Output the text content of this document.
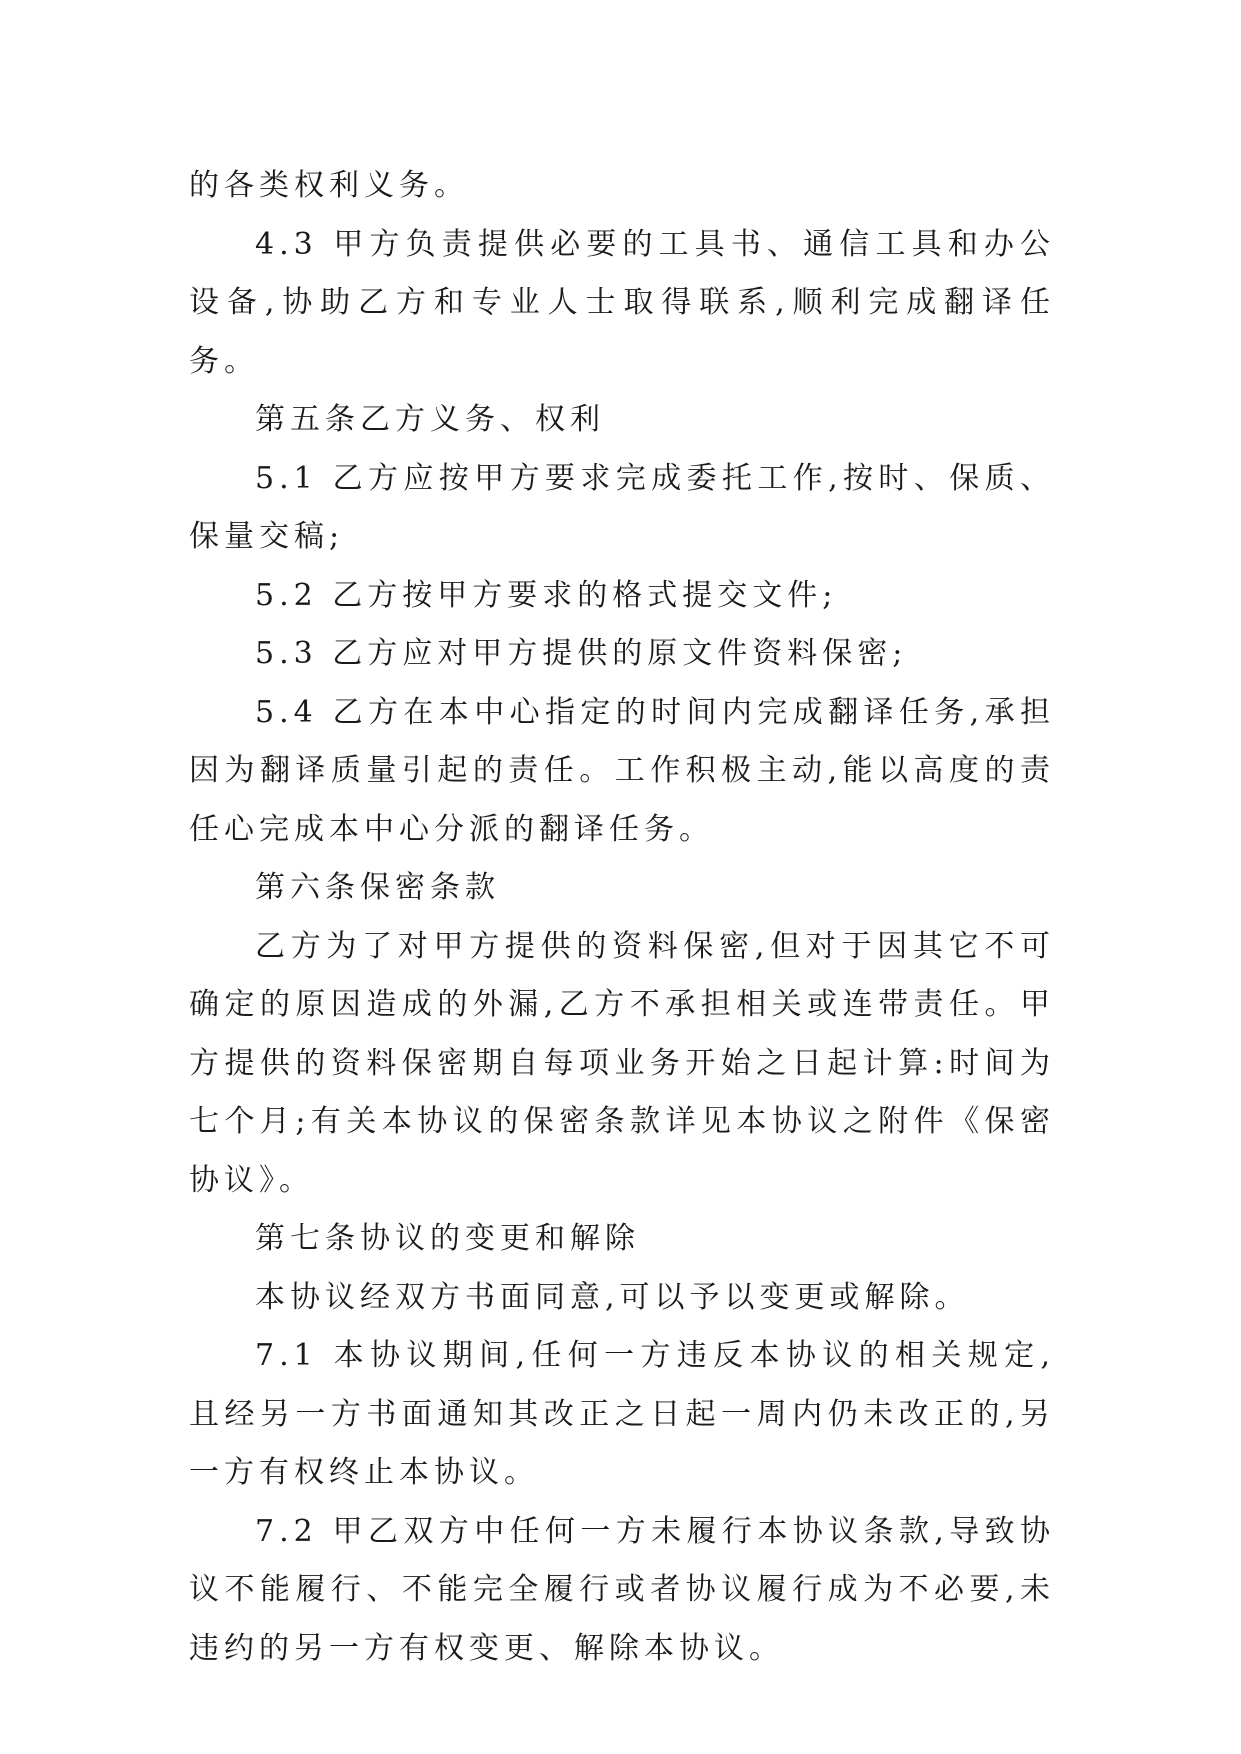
的各类权利义务。

4.3 甲方负责提供必要的工具书、通信工具和办公设备,协助乙方和专业人士取得联系,顺利完成翻译任务。

第五条乙方义务、权利

5.1 乙方应按甲方要求完成委托工作,按时、保质、保量交稿;

5.2 乙方按甲方要求的格式提交文件;

5.3 乙方应对甲方提供的原文件资料保密;

5.4 乙方在本中心指定的时间内完成翻译任务,承担因为翻译质量引起的责任。工作积极主动,能以高度的责任心完成本中心分派的翻译任务。

第六条保密条款

乙方为了对甲方提供的资料保密,但对于因其它不可确定的原因造成的外漏,乙方不承担相关或连带责任。甲方提供的资料保密期自每项业务开始之日起计算:时间为七个月;有关本协议的保密条款详见本协议之附件《保密协议》。

第七条协议的变更和解除

本协议经双方书面同意,可以予以变更或解除。

7.1 本协议期间,任何一方违反本协议的相关规定,且经另一方书面通知其改正之日起一周内仍未改正的,另一方有权终止本协议。

7.2 甲乙双方中任何一方未履行本协议条款,导致协议不能履行、不能完全履行或者协议履行成为不必要,未违约的另一方有权变更、解除本协议。
